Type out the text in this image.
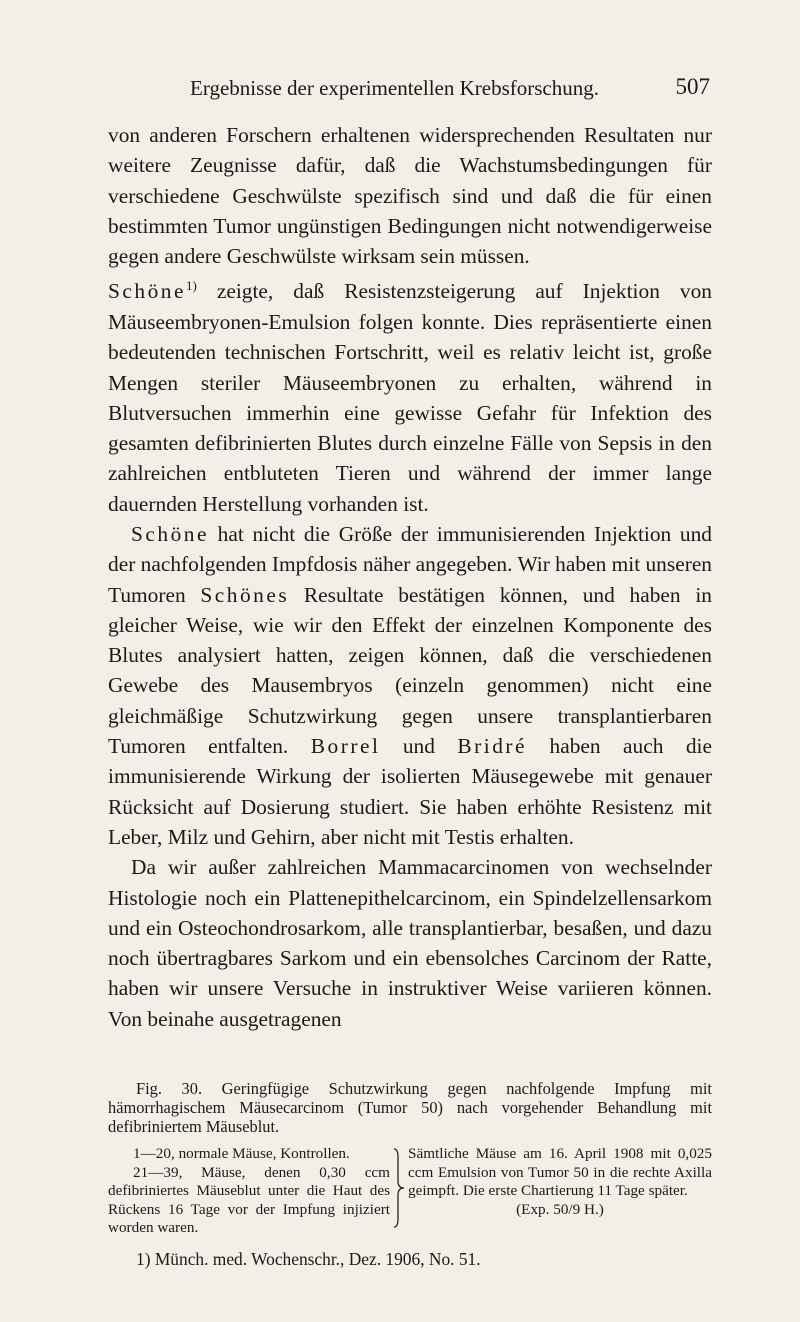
Ergebnisse der experimentellen Krebsforschung.	507

von anderen Forschern erhaltenen widersprechenden Resultaten nur weitere Zeugnisse dafür, daß die Wachstumsbedingungen für verschiedene Geschwülste spezifisch sind und daß die für einen bestimmten Tumor ungünstigen Bedingungen nicht notwendigerweise gegen andere Geschwülste wirksam sein müssen.
Schöne$^{1)}$ zeigte, daß Resistenzsteigerung auf Injektion von Mäuseembryonen-Emulsion folgen konnte. Dies repräsentierte einen bedeutenden technischen Fortschritt, weil es relativ leicht ist, große Mengen steriler Mäuseembryonen zu erhalten, während in Blutversuchen immerhin eine gewisse Gefahr für Infektion des gesamten defibrinierten Blutes durch einzelne Fälle von Sepsis in den zahlreichen entbluteten Tieren und während der immer lange dauernden Herstellung vorhanden ist.

Schöne hat nicht die Größe der immunisierenden Injektion und der nachfolgenden Impfdosis näher angegeben. Wir haben mit unseren Tumoren Schönes Resultate bestätigen können, und haben in gleicher Weise, wie wir den Effekt der einzelnen Komponente des Blutes analysiert hatten, zeigen können, daß die verschiedenen Gewebe des Mausembryos (einzeln genommen) nicht eine gleichmäßige Schutzwirkung gegen unsere transplantierbaren Tumoren entfalten. Borrel und Bridré haben auch die immunisierende Wirkung der isolierten Mäusegewebe mit genauer Rücksicht auf Dosierung studiert. Sie haben erhöhte Resistenz mit Leber, Milz und Gehirn, aber nicht mit Testis erhalten.

Da wir außer zahlreichen Mammacarcinomen von wechselnder Histologie noch ein Plattenepithelcarcinom, ein Spindelzellensarkom und ein Osteochondrosarkom, alle transplantierbar, besaßen, und dazu noch übertragbares Sarkom und ein ebensolches Carcinom der Ratte, haben wir unsere Versuche in instruktiver Weise variieren können. Von beinahe ausgetragenen

Fig. 30. Geringfügige Schutzwirkung gegen nachfolgende Impfung mit hämorrhagischem Mäusecarcinom (Tumor 50) nach vorgehender Behandlung mit defibriniertem Mäuseblut.

1—20, normale Mäuse, Kontrollen.
21—39, Mäuse, denen 0,30 ccm defibriniertes Mäuseblut unter die Haut des Rückens 16 Tage vor der Impfung injiziert worden waren.
Sämtliche Mäuse am 16. April 1908 mit 0,025 ccm Emulsion von Tumor 50 in die rechte Axilla geimpft. Die erste Chartierung 11 Tage später.
(Exp. 50/9 H.)
1) Münch. med. Wochenschr., Dez. 1906, No. 51.
